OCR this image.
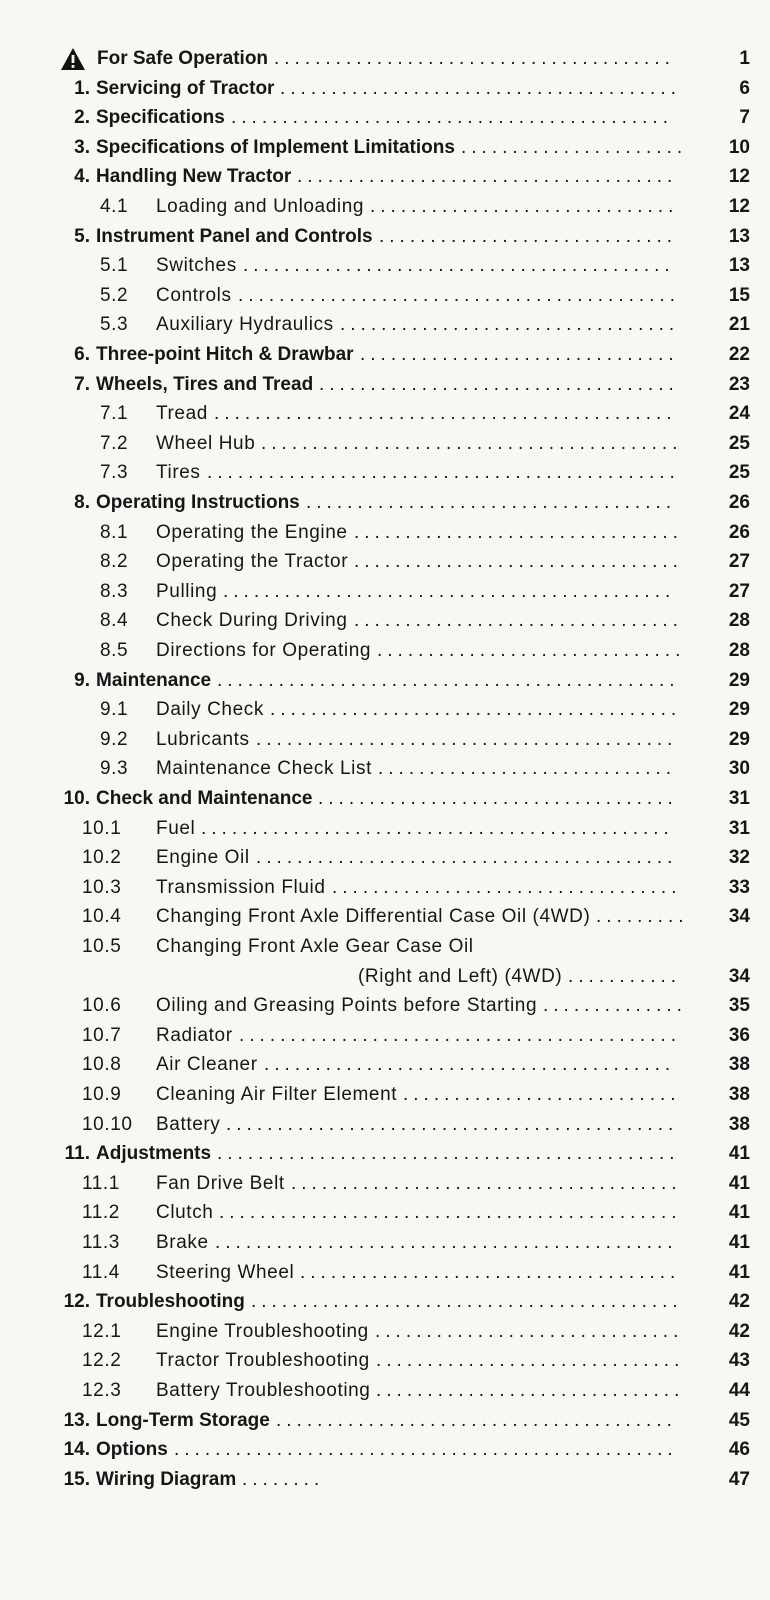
For Safe Operation .......................................	1
1. Servicing of Tractor .......................................	6
2. Specifications ...........................................	7
3. Specifications of Implement Limitations ......................	10
4. Handling New Tractor .....................................	12
4.1 Loading and Unloading ..............................	12
5. Instrument Panel and Controls .............................	13
5.1 Switches ..........................................	13
5.2 Controls ...........................................	15
5.3 Auxiliary Hydraulics .................................	21
6. Three-point Hitch & Drawbar ...............................	22
7. Wheels, Tires and Tread ...................................	23
7.1 Tread .............................................	24
7.2 Wheel Hub .........................................	25
7.3 Tires ..............................................	25
8. Operating Instructions ....................................	26
8.1 Operating the Engine ................................	26
8.2 Operating the Tractor ................................	27
8.3 Pulling ............................................	27
8.4 Check During Driving ................................	28
8.5 Directions for Operating ..............................	28
9. Maintenance .............................................	29
9.1 Daily Check ........................................	29
9.2 Lubricants .........................................	29
9.3 Maintenance Check List .............................	30
10. Check and Maintenance ...................................	31
10.1 Fuel ..............................................	31
10.2 Engine Oil .........................................	32
10.3 Transmission Fluid ..................................	33
10.4 Changing Front Axle Differential Case Oil (4WD) .........	34
10.5 Changing Front Axle Gear Case Oil
(Right and Left) (4WD) ...........	34
10.6 Oiling and Greasing Points before Starting ..............	35
10.7 Radiator ...........................................	36
10.8 Air Cleaner ........................................	38
10.9 Cleaning Air Filter Element ...........................	38
10.10 Battery ............................................	38
11. Adjustments .............................................	41
11.1 Fan Drive Belt ......................................	41
11.2 Clutch .............................................	41
11.3 Brake .............................................	41
11.4 Steering Wheel .....................................	41
12. Troubleshooting ..........................................	42
12.1 Engine Troubleshooting ..............................	42
12.2 Tractor Troubleshooting ..............................	43
12.3 Battery Troubleshooting ..............................	44
13. Long-Term Storage .......................................	45
14. Options .................................................	46
15. Wiring Diagram ........	47
